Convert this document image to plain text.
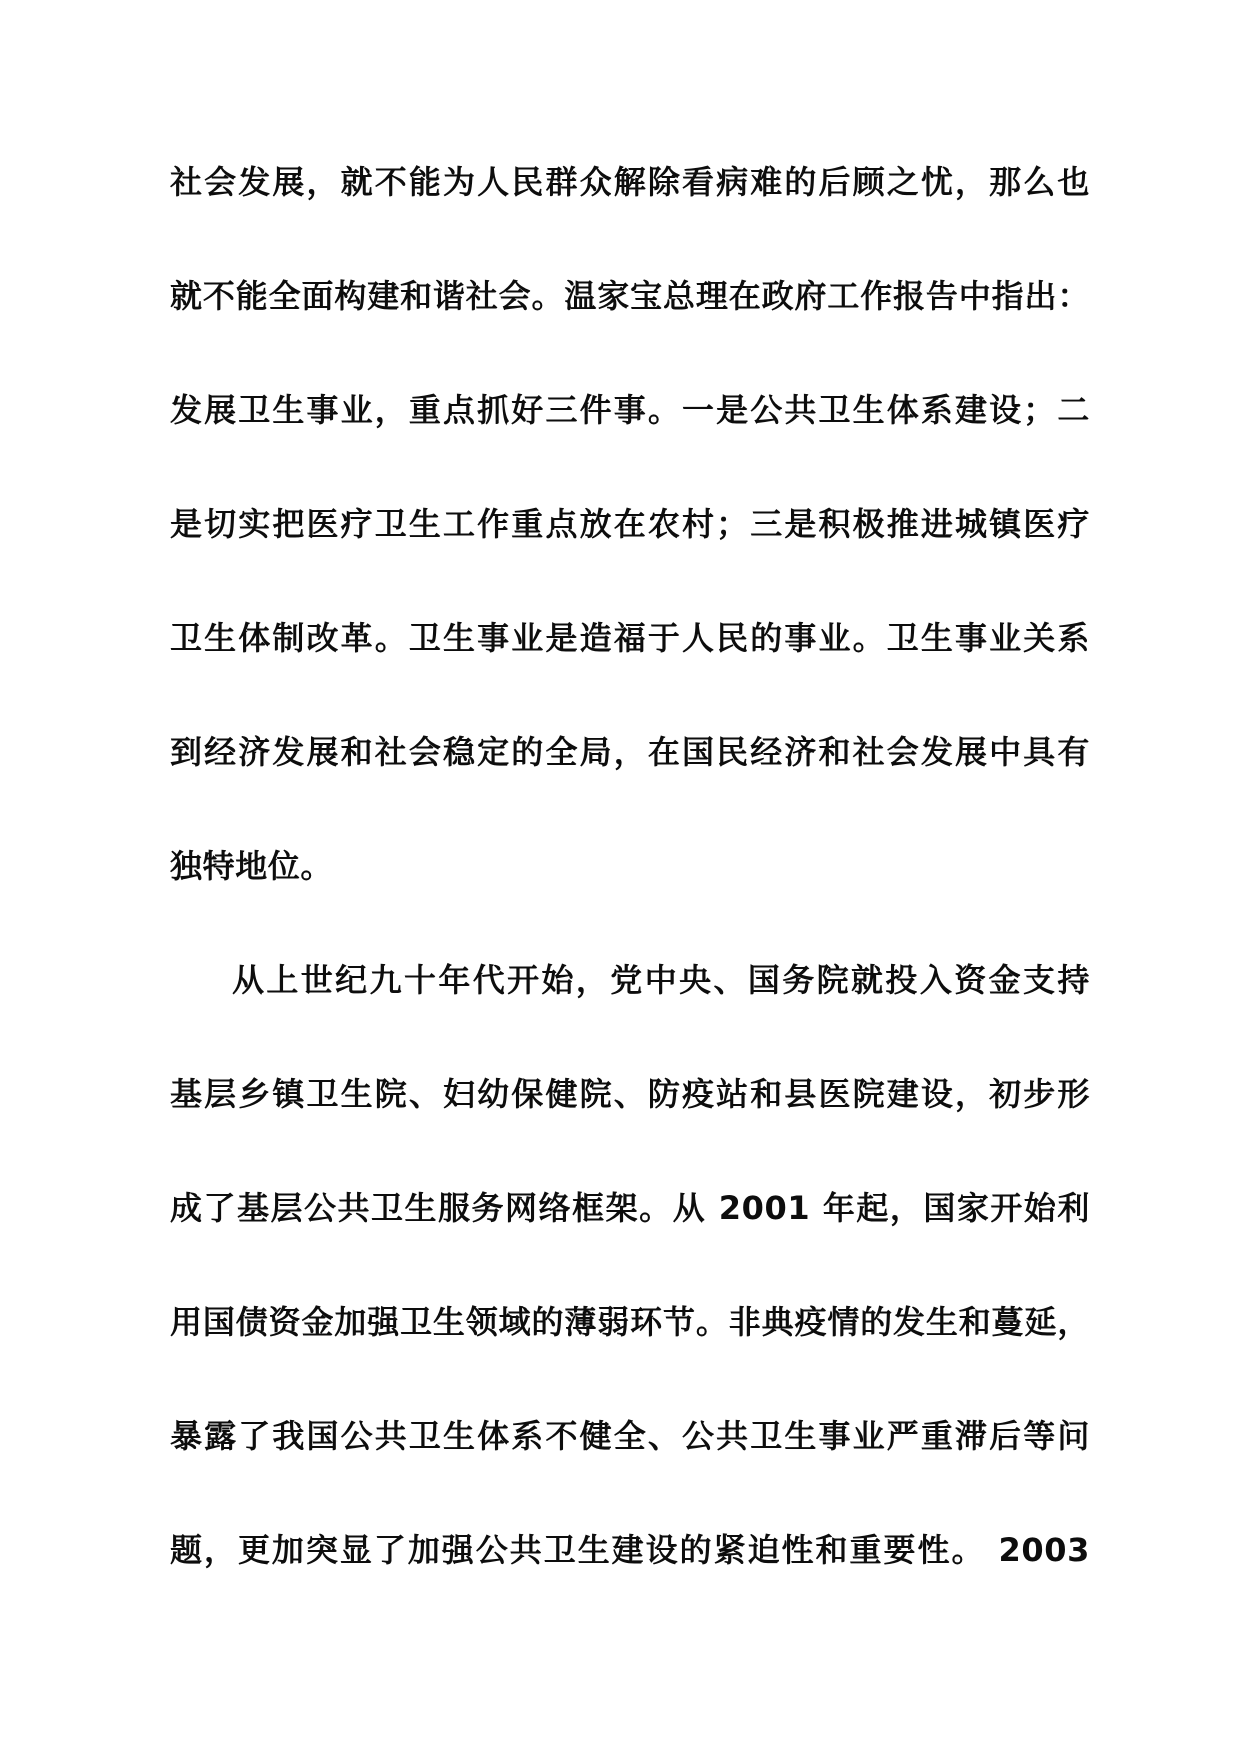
社会发展，就不能为人民群众解除看病难的后顾之忧，那么也
就不能全面构建和谐社会。温家宝总理在政府工作报告中指出：
发展卫生事业，重点抓好三件事。一是公共卫生体系建设；二
是切实把医疗卫生工作重点放在农村；三是积极推进城镇医疗
卫生体制改革。卫生事业是造福于人民的事业。卫生事业关系
到经济发展和社会稳定的全局，在国民经济和社会发展中具有
独特地位。
从上世纪九十年代开始，党中央、国务院就投入资金支持
基层乡镇卫生院、妇幼保健院、防疫站和县医院建设，初步形
成了基层公共卫生服务网络框架。从 2001 年起，国家开始利
用国债资金加强卫生领域的薄弱环节。非典疫情的发生和蔓延，
暴露了我国公共卫生体系不健全、公共卫生事业严重滞后等问
题，更加突显了加强公共卫生建设的紧迫性和重要性。 2003
